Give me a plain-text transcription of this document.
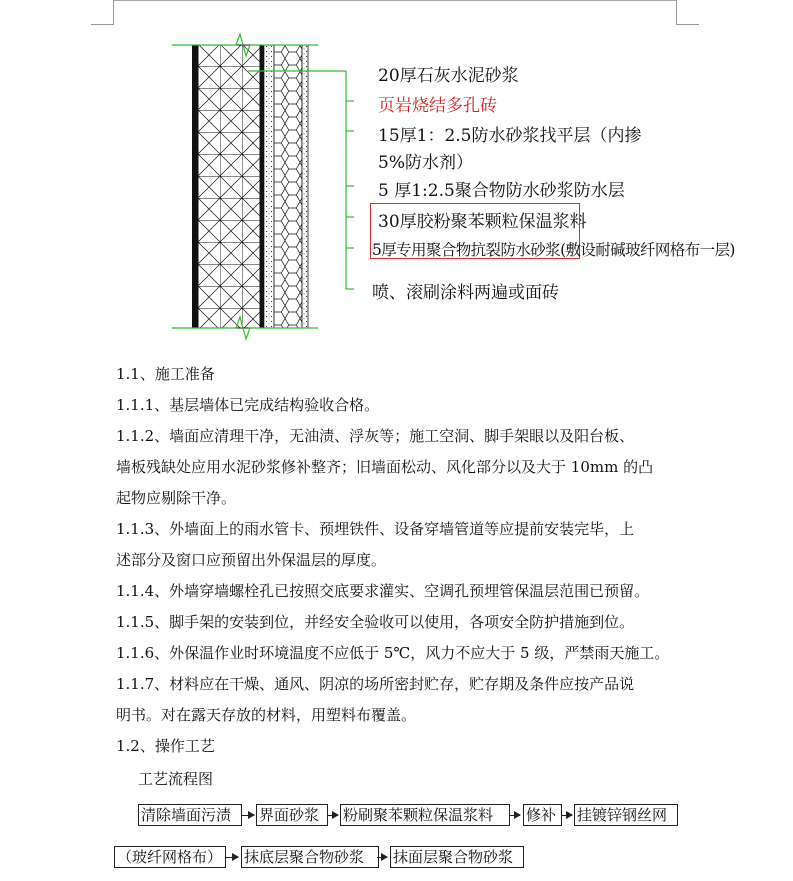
20厚石灰水泥砂浆
页岩烧结多孔砖
15厚1：2.5防水砂浆找平层（内掺
5%防水剂）
5 厚1:2.5聚合物防水砂浆防水层
30厚胶粉聚苯颗粒保温浆料
5厚专用聚合物抗裂防水砂浆(敷设耐碱玻纤网格布一层)
喷、滚刷涂料两遍或面砖
1.1、施工准备
1.1.1、基层墙体已完成结构验收合格。
1.1.2、墙面应清理干净，无油渍、浮灰等；施工空洞、脚手架眼以及阳台板、
墙板残缺处应用水泥砂浆修补整齐；旧墙面松动、风化部分以及大于 10mm 的凸
起物应剔除干净。
1.1.3、外墙面上的雨水管卡、预埋铁件、设备穿墙管道等应提前安装完毕，上
述部分及窗口应预留出外保温层的厚度。
1.1.4、外墙穿墙螺栓孔已按照交底要求灌实、空调孔预埋管保温层范围已预留。
1.1.5、脚手架的安装到位，并经安全验收可以使用，各项安全防护措施到位。
1.1.6、外保温作业时环境温度不应低于 5℃，风力不应大于 5 级，严禁雨天施工。
1.1.7、材料应在干燥、通风、阴凉的场所密封贮存，贮存期及条件应按产品说
明书。对在露天存放的材料，用塑料布覆盖。
1.2、操作工艺
工艺流程图
清除墙面污渍	界面砂浆	粉刷聚苯颗粒保温浆料	修补	挂镀锌钢丝网
（玻纤网格布） 抹底层聚合物砂浆	抹面层聚合物砂浆
